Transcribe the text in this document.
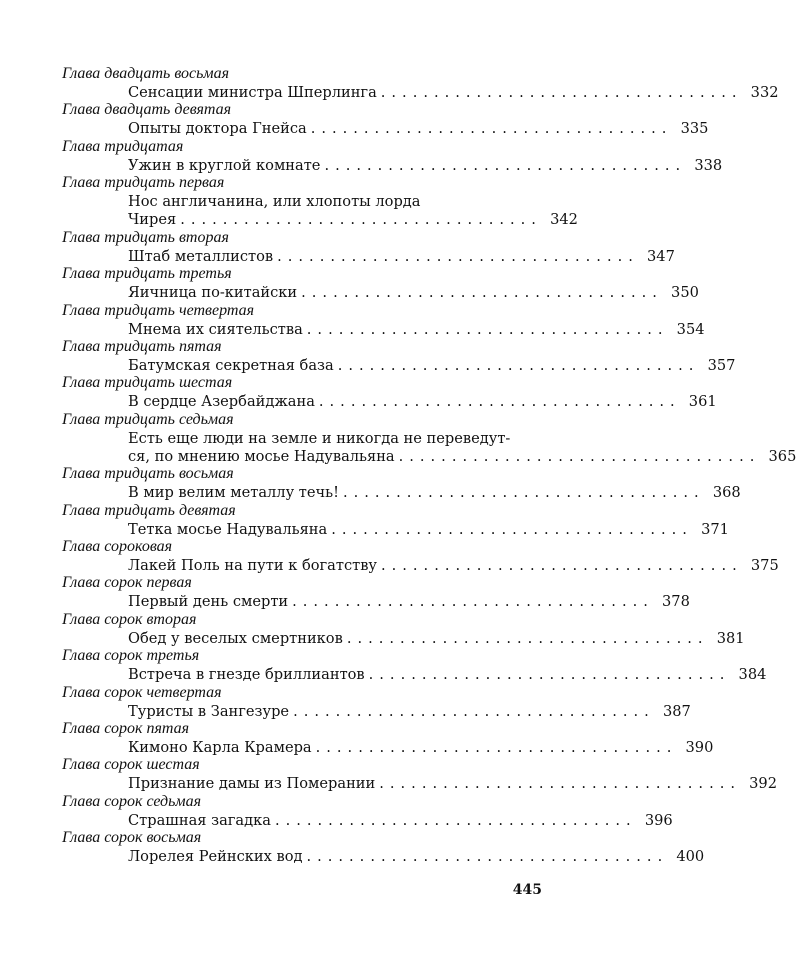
Глава двадцать восьмая
Сенсации министра Шперлинга .................................. 332
Глава двадцать девятая
Опыты доктора Гнейса .................................. 335
Глава тридцатая
Ужин в круглой комнате .................................. 338
Глава тридцать первая
Нос англичанина, или хлопоты лорда
Чирея .................................. 342
Глава тридцать вторая
Штаб металлистов .................................. 347
Глава тридцать третья
Яичница по-китайски .................................. 350
Глава тридцать четвертая
Мнема их сиятельства .................................. 354
Глава тридцать пятая
Батумская секретная база .................................. 357
Глава тридцать шестая
В сердце Азербайджана .................................. 361
Глава тридцать седьмая
Есть еще люди на земле и никогда не переведут-
ся, по мнению мосье Надувальяна .................................. 365
Глава тридцать восьмая
В мир велим металлу течь! .................................. 368
Глава тридцать девятая
Тетка мосье Надувальяна .................................. 371
Глава сороковая
Лакей Поль на пути к богатству .................................. 375
Глава сорок первая
Первый день смерти .................................. 378
Глава сорок вторая
Обед у веселых смертников .................................. 381
Глава сорок третья
Встреча в гнезде бриллиантов .................................. 384
Глава сорок четвертая
Туристы в Зангезуре .................................. 387
Глава сорок пятая
Кимоно Карла Крамера .................................. 390
Глава сорок шестая
Признание дамы из Померании .................................. 392
Глава сорок седьмая
Страшная загадка .................................. 396
Глава сорок восьмая
Лорелея Рейнских вод .................................. 400
445
